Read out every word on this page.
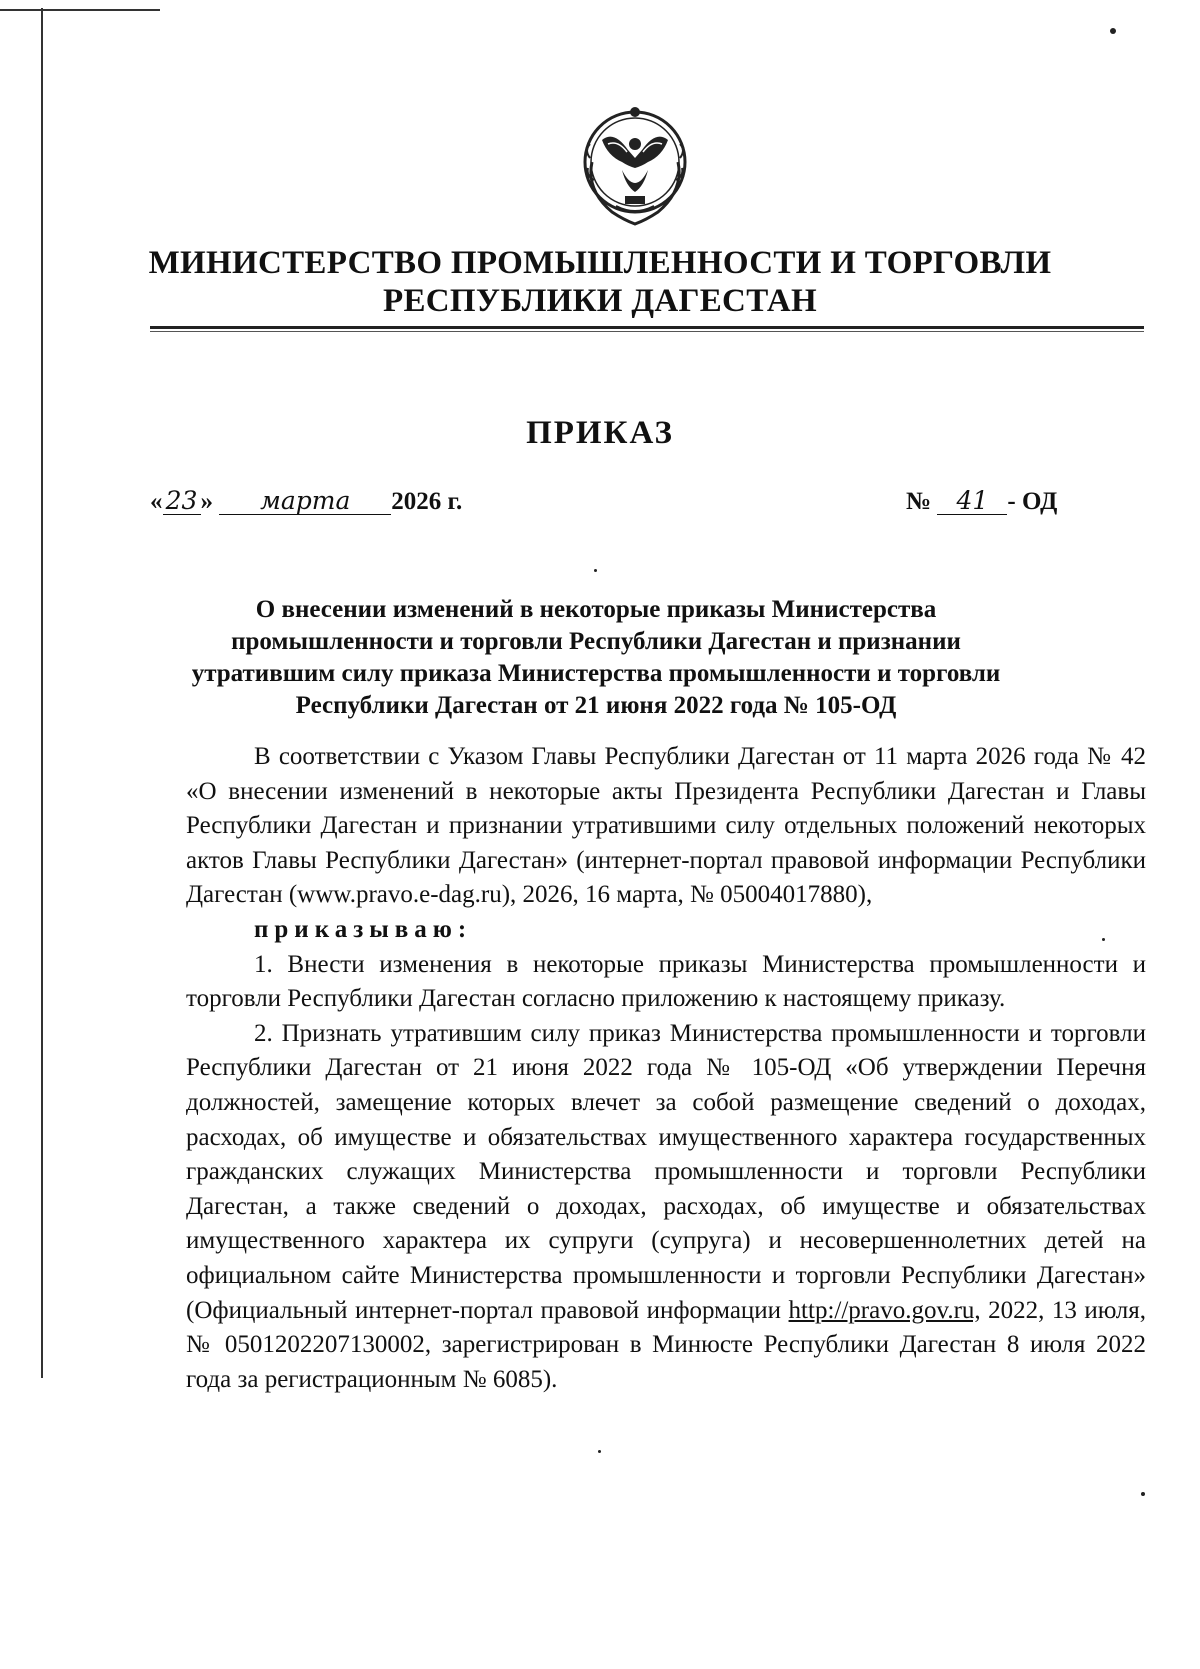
МИНИСТЕРСТВО ПРОМЫШЛЕННОСТИ И ТОРГОВЛИ
РЕСПУБЛИКИ ДАГЕСТАН
ПРИКАЗ
« 23 » марта 2026 г.	№ 41 - ОД
О внесении изменений в некоторые приказы Министерства
промышленности и торговли Республики Дагестан и признании
утратившим силу приказа Министерства промышленности и торговли
Республики Дагестан от 21 июня 2022 года № 105-ОД

В соответствии с Указом Главы Республики Дагестан от 11 марта 2026 года № 42 «О внесении изменений в некоторые акты Президента Республики Дагестан и Главы Республики Дагестан и признании утратившими силу отдельных положений некоторых актов Главы Республики Дагестан» (интернет-портал правовой информации Республики Дагестан (www.pravo.e-dag.ru), 2026, 16 марта, № 05004017880),

приказываю:

1. Внести изменения в некоторые приказы Министерства промышленности и торговли Республики Дагестан согласно приложению к настоящему приказу.

2. Признать утратившим силу приказ Министерства промышленности и торговли Республики Дагестан от 21 июня 2022 года № 105-ОД «Об утверждении Перечня должностей, замещение которых влечет за собой размещение сведений о доходах, расходах, об имуществе и обязательствах имущественного характера государственных гражданских служащих Министерства промышленности и торговли Республики Дагестан, а также сведений о доходах, расходах, об имуществе и обязательствах имущественного характера их супруги (супруга) и несовершеннолетних детей на официальном сайте Министерства промышленности и торговли Республики Дагестан» (Официальный интернет-портал правовой информации http://pravo.gov.ru, 2022, 13 июля, № 0501202207130002, зарегистрирован в Минюсте Республики Дагестан 8 июля 2022 года за регистрационным № 6085).
